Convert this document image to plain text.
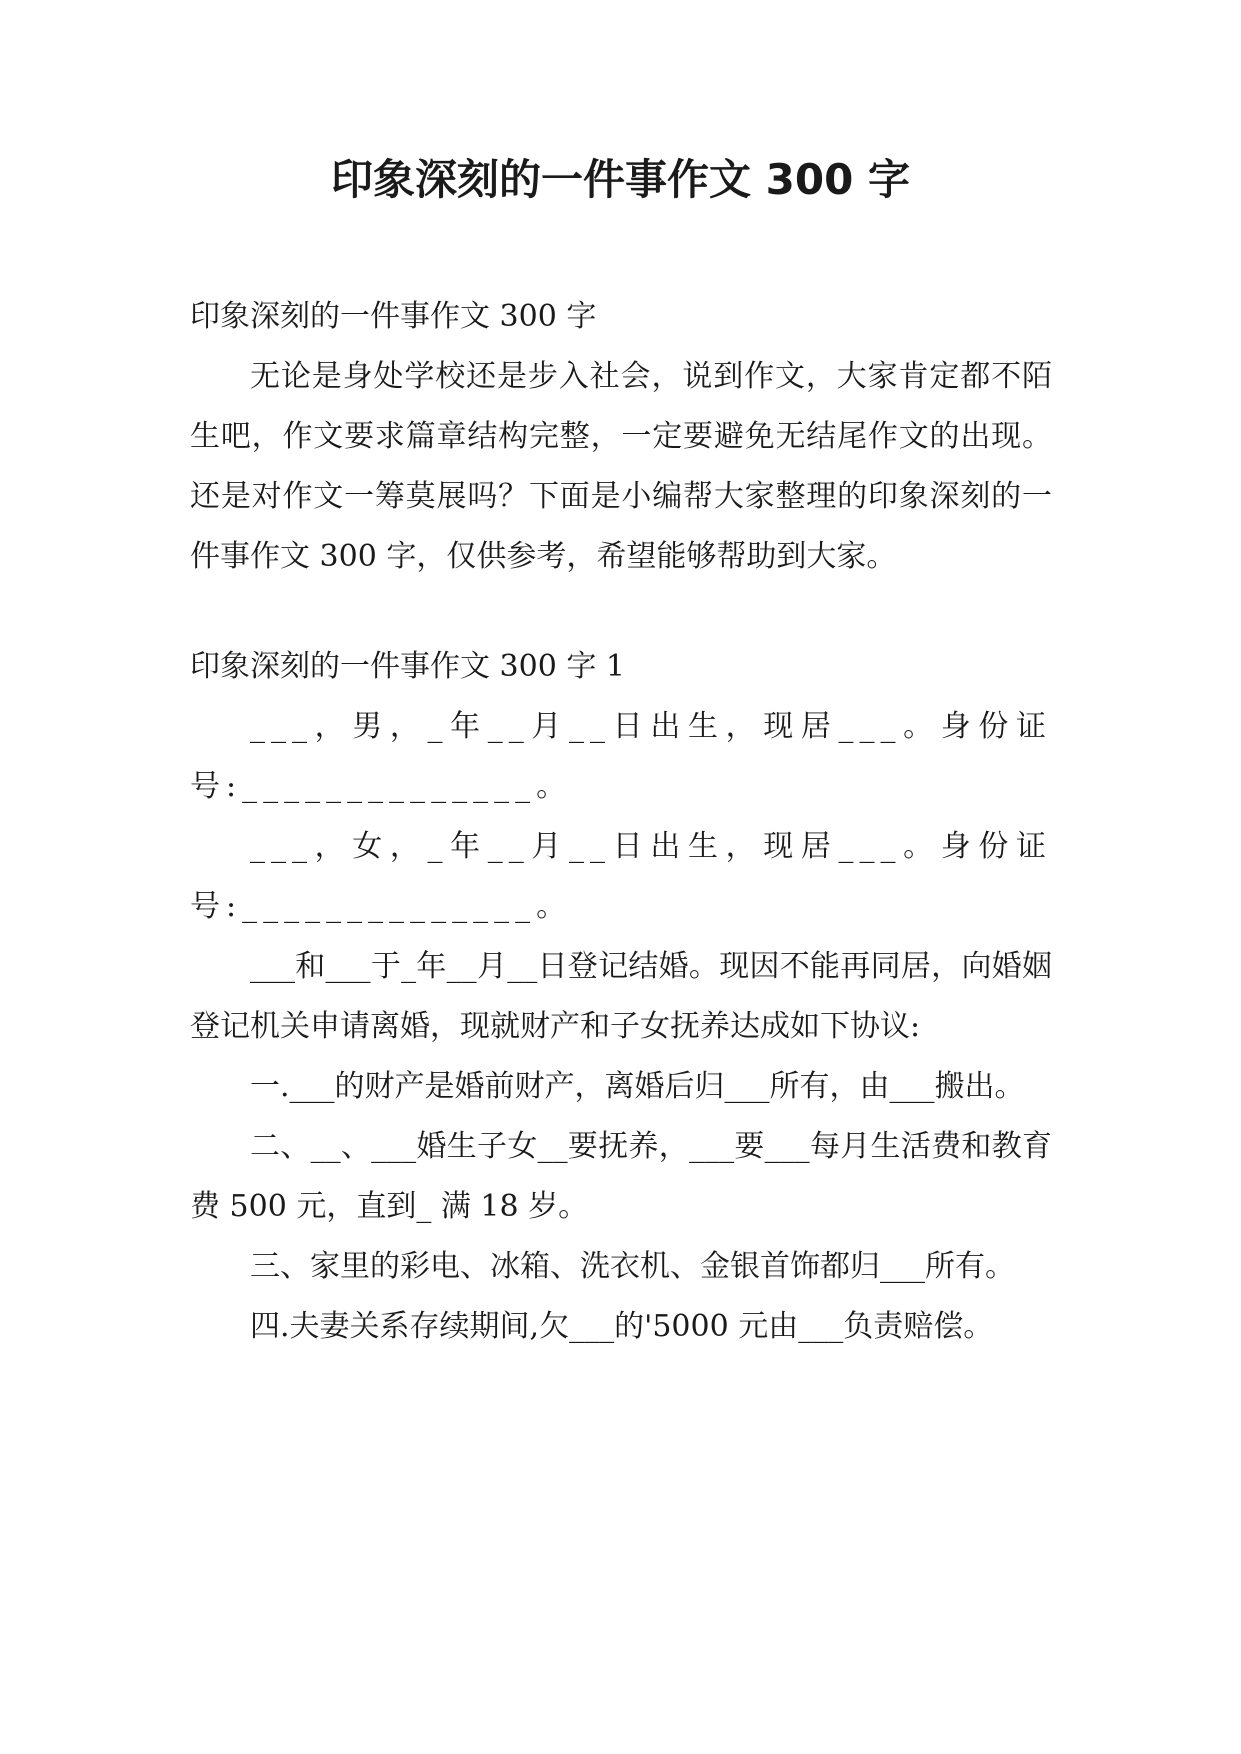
印象深刻的一件事作文 300 字

印象深刻的一件事作文 300 字

无论是身处学校还是步入社会，说到作文，大家肯定都不陌生吧，作文要求篇章结构完整，一定要避免无结尾作文的出现。还是对作文一筹莫展吗？下面是小编帮大家整理的印象深刻的一件事作文 300 字，仅供参考，希望能够帮助到大家。

印象深刻的一件事作文 300 字 1

___，男，_年__月__日出生，现居___。身份证号:______________。

___，女，_年__月__日出生，现居___。身份证号:______________。

___和___于_年__月__日登记结婚。现因不能再同居，向婚姻登记机关申请离婚，现就财产和子女抚养达成如下协议:

一.___的财产是婚前财产，离婚后归___所有，由___搬出。

二、__、___婚生子女__要抚养，___要___每月生活费和教育费 500 元，直到_ 满 18 岁。

三、家里的彩电、冰箱、洗衣机、金银首饰都归___所有。

四.夫妻关系存续期间,欠___的'5000 元由___负责赔偿。
